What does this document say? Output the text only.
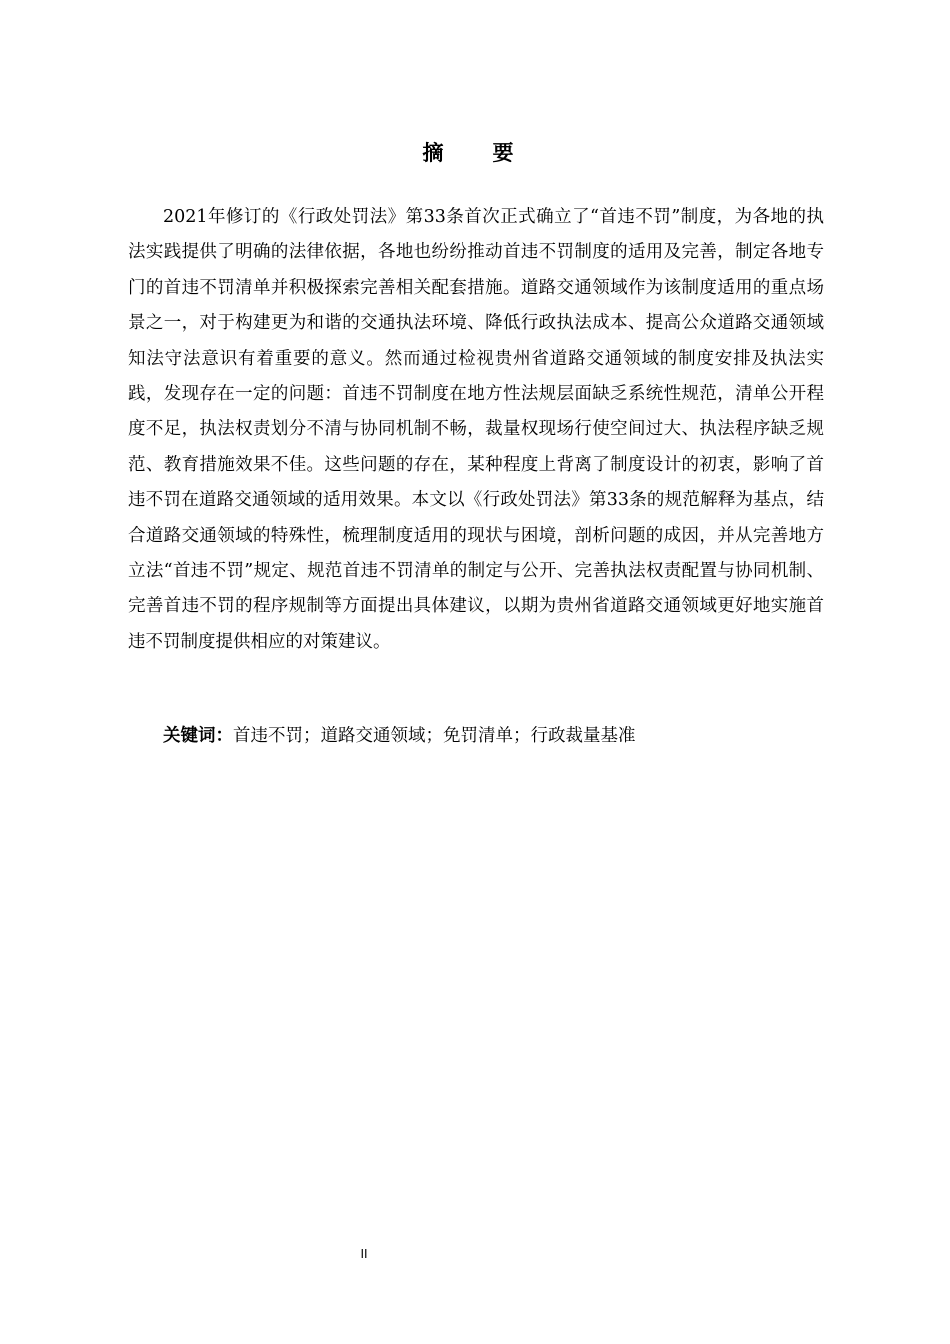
摘　要

2021年修订的《行政处罚法》第33条首次正式确立了“首违不罚”制度，为各地的执法实践提供了明确的法律依据，各地也纷纷推动首违不罚制度的适用及完善，制定各地专门的首违不罚清单并积极探索完善相关配套措施。道路交通领域作为该制度适用的重点场景之一，对于构建更为和谐的交通执法环境、降低行政执法成本、提高公众道路交通领域知法守法意识有着重要的意义。然而通过检视贵州省道路交通领域的制度安排及执法实践，发现存在一定的问题：首违不罚制度在地方性法规层面缺乏系统性规范，清单公开程度不足，执法权责划分不清与协同机制不畅，裁量权现场行使空间过大、执法程序缺乏规范、教育措施效果不佳。这些问题的存在，某种程度上背离了制度设计的初衷，影响了首违不罚在道路交通领域的适用效果。本文以《行政处罚法》第33条的规范解释为基点，结合道路交通领域的特殊性，梳理制度适用的现状与困境，剖析问题的成因，并从完善地方立法“首违不罚”规定、规范首违不罚清单的制定与公开、完善执法权责配置与协同机制、完善首违不罚的程序规制等方面提出具体建议，以期为贵州省道路交通领域更好地实施首违不罚制度提供相应的对策建议。

关键词：首违不罚；道路交通领域；免罚清单；行政裁量基准

II
